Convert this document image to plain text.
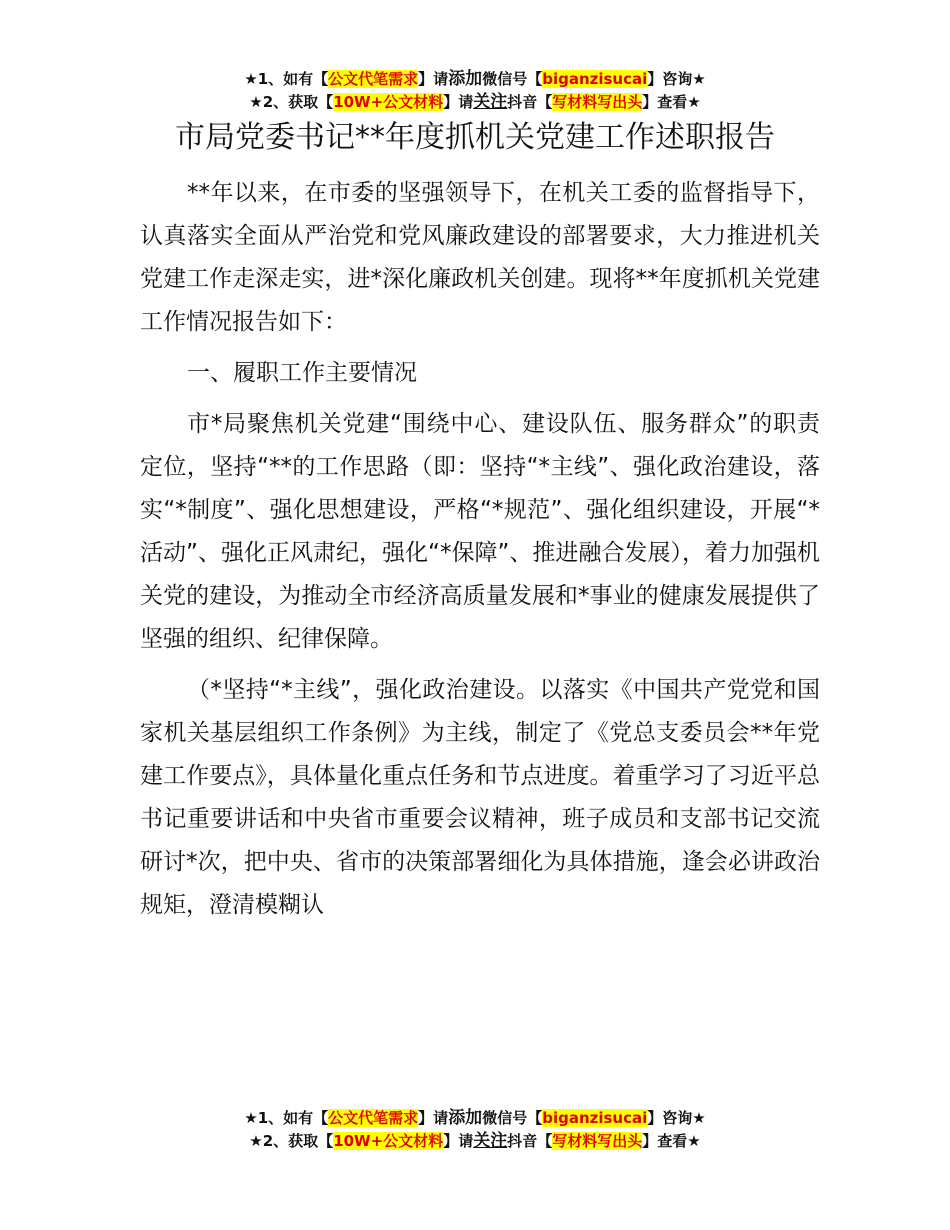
★1、如有【公文代笔需求】请添加微信号【biganzisucai】咨询★
★2、获取【10W+公文材料】请关注抖音【写材料写出头】查看★
市局党委书记**年度抓机关党建工作述职报告

**年以来，在市委的坚强领导下，在机关工委的监督指导下，认真落实全面从严治党和党风廉政建设的部署要求，大力推进机关党建工作走深走实，进*深化廉政机关创建。现将**年度抓机关党建工作情况报告如下：

一、履职工作主要情况

市*局聚焦机关党建“围绕中心、建设队伍、服务群众”的职责定位，坚持“**的工作思路（即：坚持“*主线”、强化政治建设，落实“*制度”、强化思想建设，严格“*规范”、强化组织建设，开展“*活动”、强化正风肃纪，强化“*保障”、推进融合发展），着力加强机关党的建设，为推动全市经济高质量发展和*事业的健康发展提供了坚强的组织、纪律保障。

（*坚持“*主线”，强化政治建设。以落实《中国共产党党和国家机关基层组织工作条例》为主线，制定了《党总支委员会**年党建工作要点》，具体量化重点任务和节点进度。着重学习了习近平总书记重要讲话和中央省市重要会议精神，班子成员和支部书记交流研讨*次，把中央、省市的决策部署细化为具体措施，逢会必讲政治规矩，澄清模糊认

★1、如有【公文代笔需求】请添加微信号【biganzisucai】咨询★
★2、获取【10W+公文材料】请关注抖音【写材料写出头】查看★
